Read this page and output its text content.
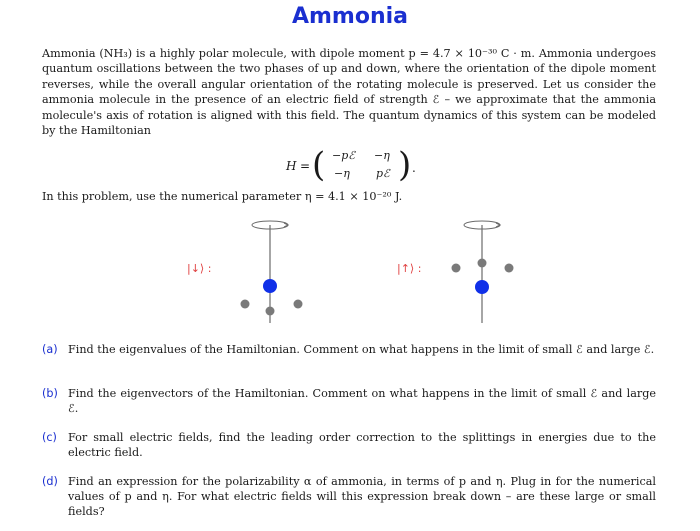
Ammonia
Ammonia (NH₃) is a highly polar molecule, with dipole moment p = 4.7 × 10⁻³⁰ C · m. Ammonia undergoes quantum oscillations between the two phases of up and down, where the orientation of the dipole moment reverses, while the overall angular orientation of the rotating molecule is preserved. Let us consider the ammonia molecule in the presence of an electric field of strength ℰ – we approximate that the ammonia molecule's axis of rotation is aligned with this field. The quantum dynamics of this system can be modeled by the Hamiltonian
H = ( −pℰ −η
−η pℰ ) .
In this problem, use the numerical parameter η = 4.1 × 10⁻²⁰ J.
|↓⟩ :	|↑⟩ :
(a) Find the eigenvalues of the Hamiltonian. Comment on what happens in the limit of small ℰ and large ℰ.
(b) Find the eigenvectors of the Hamiltonian. Comment on what happens in the limit of small ℰ and large ℰ.
(c) For small electric fields, find the leading order correction to the splittings in energies due to the electric field.
(d) Find an expression for the polarizability α of ammonia, in terms of p and η. Plug in for the numerical values of p and η. For what electric fields will this expression break down – are these large or small fields?
